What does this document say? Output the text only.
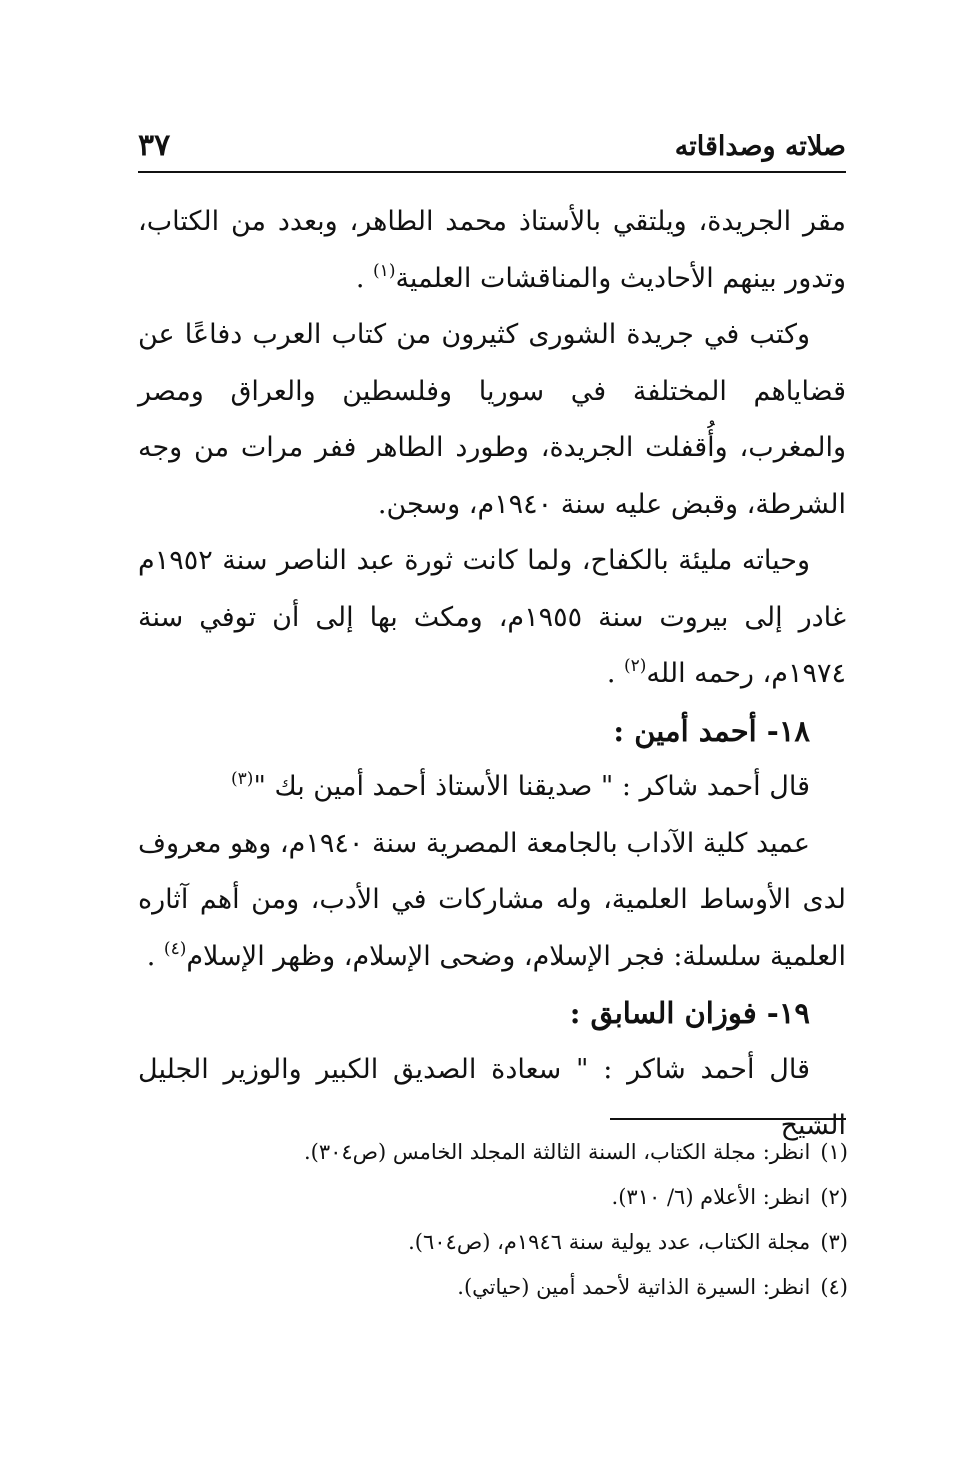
صلاته وصداقاته
٣٧

مقر الجريدة، ويلتقي بالأستاذ محمد الطاهر، وبعدد من الكتاب، وتدور بينهم الأحاديث والمناقشات العلمية$^{(١)}$ .

وكتب في جريدة الشورى كثيرون من كتاب العرب دفاعًا عن قضاياهم المختلفة في سوريا وفلسطين والعراق ومصر والمغرب، وأُقفلت الجريدة، وطورد الطاهر ففر مرات من وجه الشرطة، وقبض عليه سنة ١٩٤٠م، وسجن.

وحياته مليئة بالكفاح، ولما كانت ثورة عبد الناصر سنة ١٩٥٢م غادر إلى بيروت سنة ١٩٥٥م، ومكث بها إلى أن توفي سنة ١٩٧٤م، رحمه الله$^{(٢)}$ .

١٨- أحمد أمين :

قال أحمد شاكر : " صديقنا الأستاذ أحمد أمين بك "$^{(٣)}$

عميد كلية الآداب بالجامعة المصرية سنة ١٩٤٠م، وهو معروف لدى الأوساط العلمية، وله مشاركات في الأدب، ومن أهم آثاره العلمية سلسلة: فجر الإسلام، وضحى الإسلام، وظهر الإسلام$^{(٤)}$ .

١٩- فوزان السابق :

قال أحمد شاكر : " سعادة الصديق الكبير والوزير الجليل الشيخ

(١)انظر: مجلة الكتاب، السنة الثالثة المجلد الخامس (ص٣٠٤).
(٢)انظر: الأعلام (٦/ ٣١٠).
(٣)مجلة الكتاب، عدد يولية سنة ١٩٤٦م، (ص٦٠٤).
(٤)انظر: السيرة الذاتية لأحمد أمين (حياتي).
